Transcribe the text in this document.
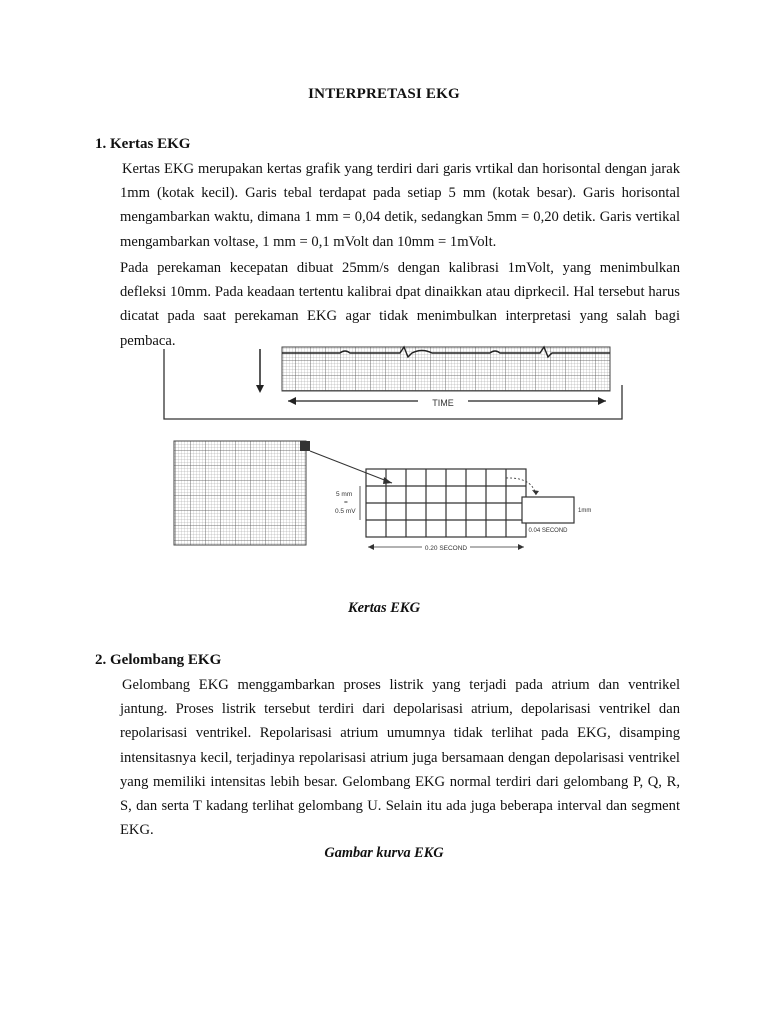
INTERPRETASI EKG
1. Kertas EKG

Kertas EKG merupakan kertas grafik yang terdiri dari garis vrtikal dan horisontal dengan jarak 1mm (kotak kecil). Garis tebal terdapat pada setiap 5 mm (kotak besar). Garis horisontal mengambarkan waktu, dimana 1 mm = 0,04 detik, sedangkan 5mm = 0,20 detik. Garis vertikal mengambarkan voltase, 1 mm = 0,1 mVolt dan 10mm = 1mVolt.

Pada perekaman kecepatan dibuat 25mm/s dengan kalibrasi 1mVolt, yang menimbulkan defleksi 10mm. Pada keadaan tertentu kalibrai dpat dinaikkan atau diprkecil. Hal tersebut harus dicatat pada saat perekaman EKG agar tidak menimbulkan interpretasi yang salah bagi pembaca.

TIME
5 mm
=
0.5 mV
0.20 SECOND
0.04 SECOND
1mm
Kertas EKG
2. Gelombang EKG

Gelombang EKG menggambarkan proses listrik yang terjadi pada atrium dan ventrikel jantung. Proses listrik tersebut terdiri dari depolarisasi atrium, depolarisasi ventrikel dan repolarisasi ventrikel. Repolarisasi atrium umumnya tidak terlihat pada EKG, disamping intensitasnya kecil, terjadinya repolarisasi atrium juga bersamaan dengan depolarisasi ventrikel yang memiliki intensitas lebih besar. Gelombang EKG normal terdiri dari gelombang P, Q, R, S, dan serta T kadang terlihat gelombang U. Selain itu ada juga beberapa interval dan segment EKG.

Gambar kurva EKG
